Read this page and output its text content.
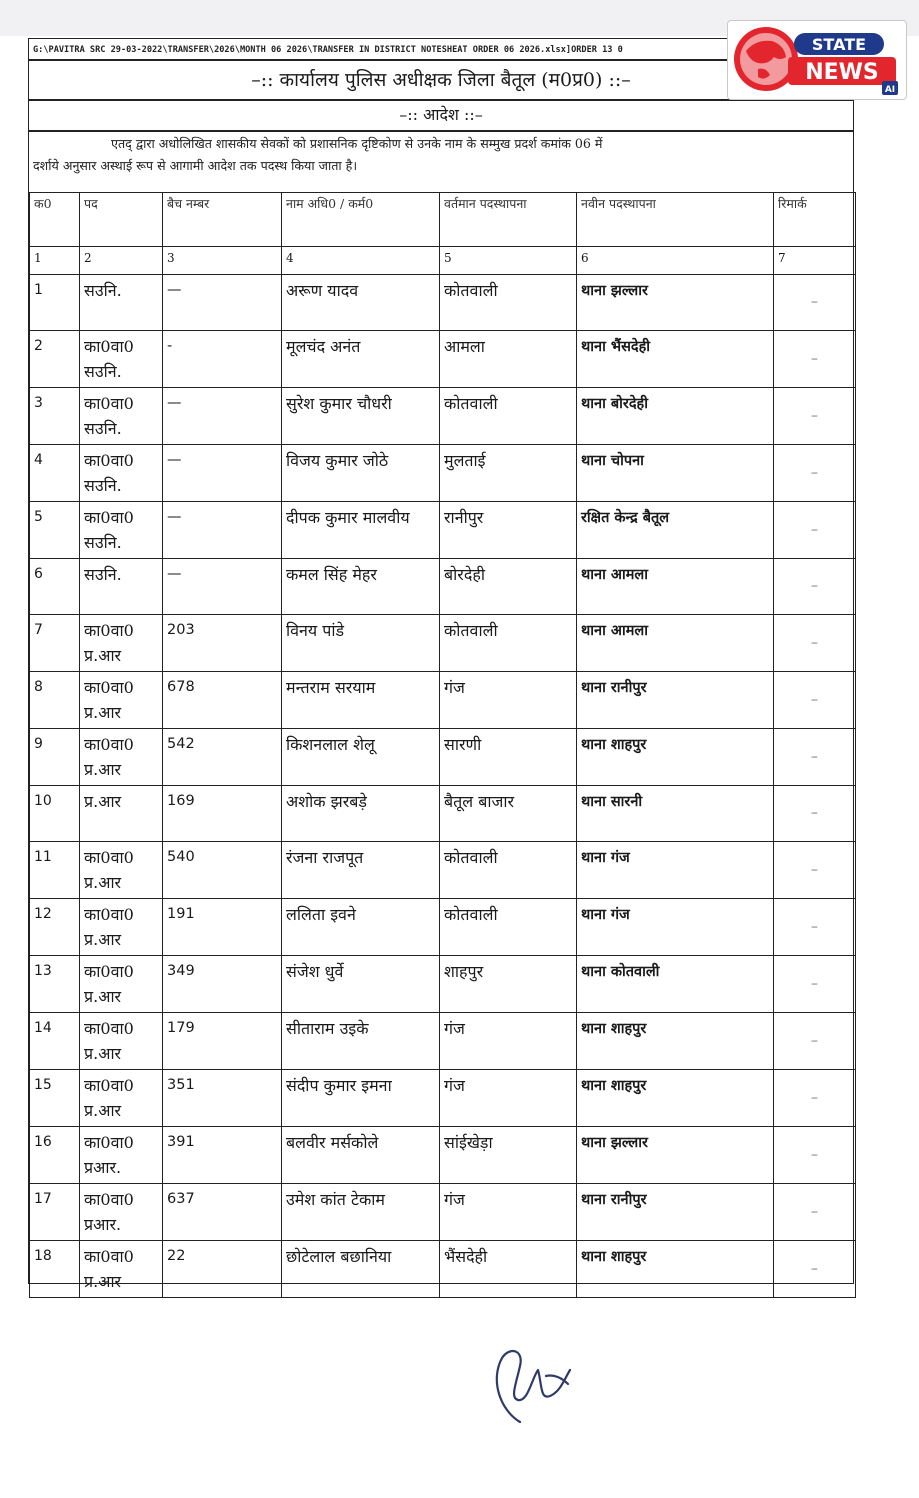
G:\PAVITRA SRC 29-03-2022\TRANSFER\2026\MONTH 06 2026\TRANSFER IN DISTRICT NOTESHEAT ORDER 06 2026.xlsx]ORDER 13 0
–:: कार्यालय पुलिस अधीक्षक जिला बैतूल (म0प्र0) ::–
–:: आदेश ::–
एतद् द्वारा अधोलिखित शासकीय सेवकों को प्रशासनिक दृष्टिकोण से उनके नाम के सम्मुख प्रदर्श कमांक 06 में
दर्शाये अनुसार अस्थाई रूप से आगामी आदेश तक पदस्थ किया जाता है।
क0	पद	बैच नम्बर	नाम अधि0 / कर्म0	वर्तमान पदस्थापना	नवीन पदस्थापना	रिमार्क
1	2	3	4	5	6	7
1	सउनि.	—	अरूण यादव	कोतवाली	थाना झल्लार	–
2	का0वा0 सउनि.	-	मूलचंद अनंत	आमला	थाना भैंसदेही	–
3	का0वा0 सउनि.	—	सुरेश कुमार चौधरी	कोतवाली	थाना बोरदेही	–
4	का0वा0 सउनि.	—	विजय कुमार जोठे	मुलताई	थाना चोपना	–
5	का0वा0 सउनि.	—	दीपक कुमार मालवीय	रानीपुर	रक्षित केन्द्र बैतूल	–
6	सउनि.	—	कमल सिंह मेहर	बोरदेही	थाना आमला	–
7	का0वा0 प्र.आर	203	विनय पांडे	कोतवाली	थाना आमला	–
8	का0वा0 प्र.आर	678	मन्तराम सरयाम	गंज	थाना रानीपुर	–
9	का0वा0 प्र.आर	542	किशनलाल शेलू	सारणी	थाना शाहपुर	–
10	प्र.आर	169	अशोक झरबड़े	बैतूल बाजार	थाना सारनी	–
11	का0वा0 प्र.आर	540	रंजना राजपूत	कोतवाली	थाना गंज	–
12	का0वा0 प्र.आर	191	ललिता इवने	कोतवाली	थाना गंज	–
13	का0वा0 प्र.आर	349	संजेश धुर्वे	शाहपुर	थाना कोतवाली	–
14	का0वा0 प्र.आर	179	सीताराम उइके	गंज	थाना शाहपुर	–
15	का0वा0 प्र.आर	351	संदीप कुमार इमना	गंज	थाना शाहपुर	–
16	का0वा0 प्रआर.	391	बलवीर मर्सकोले	सांईखेड़ा	थाना झल्लार	–
17	का0वा0 प्रआर.	637	उमेश कांत टेकाम	गंज	थाना रानीपुर	–
18	का0वा0 प्र.आर	22	छोटेलाल बछानिया	भैंसदेही	थाना शाहपुर	–
STATE
NEWS
AI
